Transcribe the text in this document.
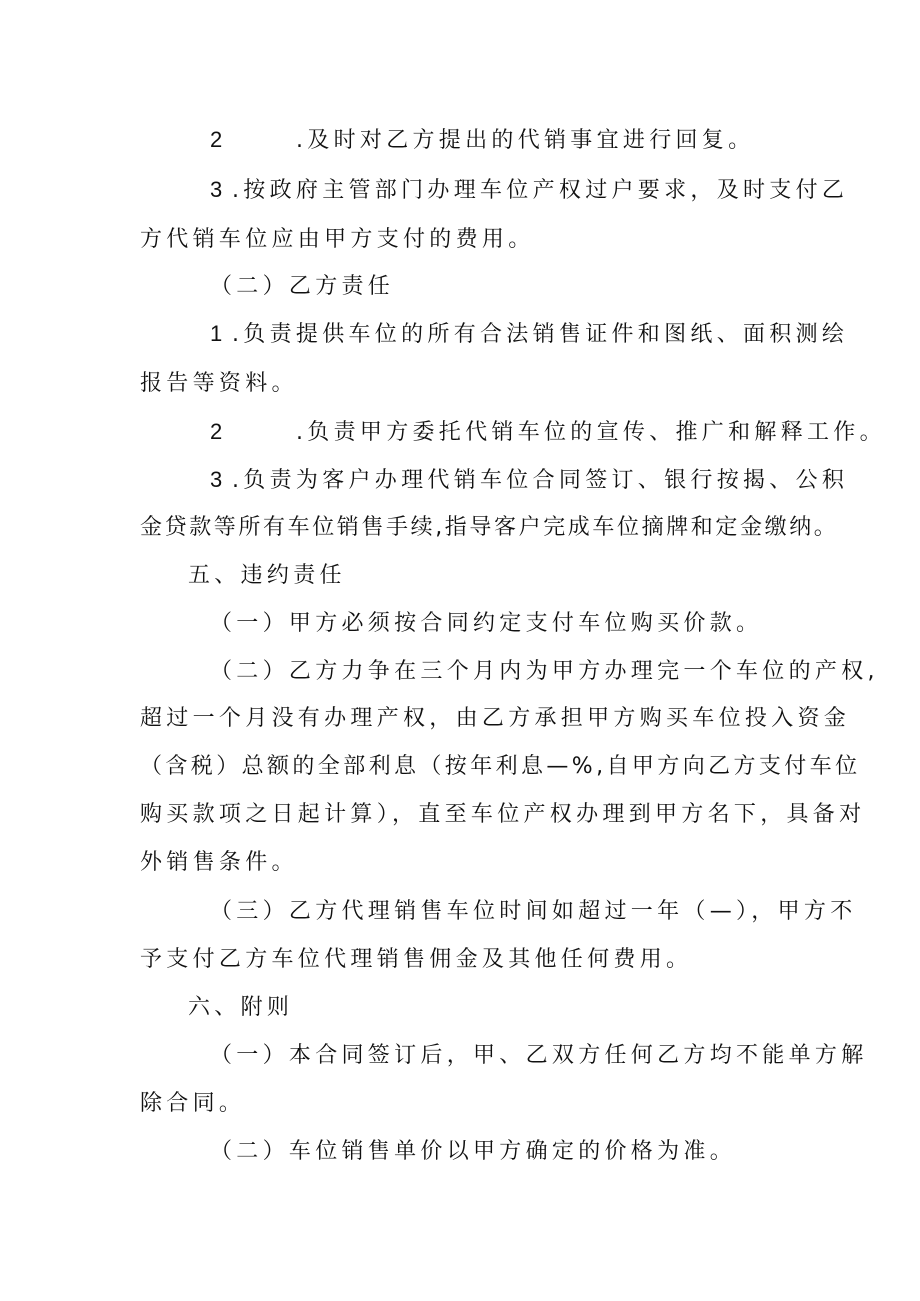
2	.及时对乙方提出的代销事宜进行回复。
3 .按政府主管部门办理车位产权过户要求，及时支付乙
方代销车位应由甲方支付的费用。
（二）乙方责任
1 .负责提供车位的所有合法销售证件和图纸、面积测绘
报告等资料。
2	.负责甲方委托代销车位的宣传、推广和解释工作。
3 .负责为客户办理代销车位合同签订、银行按揭、公积
金贷款等所有车位销售手续,指导客户完成车位摘牌和定金缴纳。
五、违约责任
（一）甲方必须按合同约定支付车位购买价款。
（二）乙方力争在三个月内为甲方办理完一个车位的产权,
超过一个月没有办理产权，由乙方承担甲方购买车位投入资金
（含税）总额的全部利息（按年利息—%,自甲方向乙方支付车位
购买款项之日起计算），直至车位产权办理到甲方名下，具备对
外销售条件。
（三）乙方代理销售车位时间如超过一年（—），甲方不
予支付乙方车位代理销售佣金及其他任何费用。
六、附则
（一）本合同签订后，甲、乙双方任何乙方均不能单方解
除合同。
（二）车位销售单价以甲方确定的价格为准。
